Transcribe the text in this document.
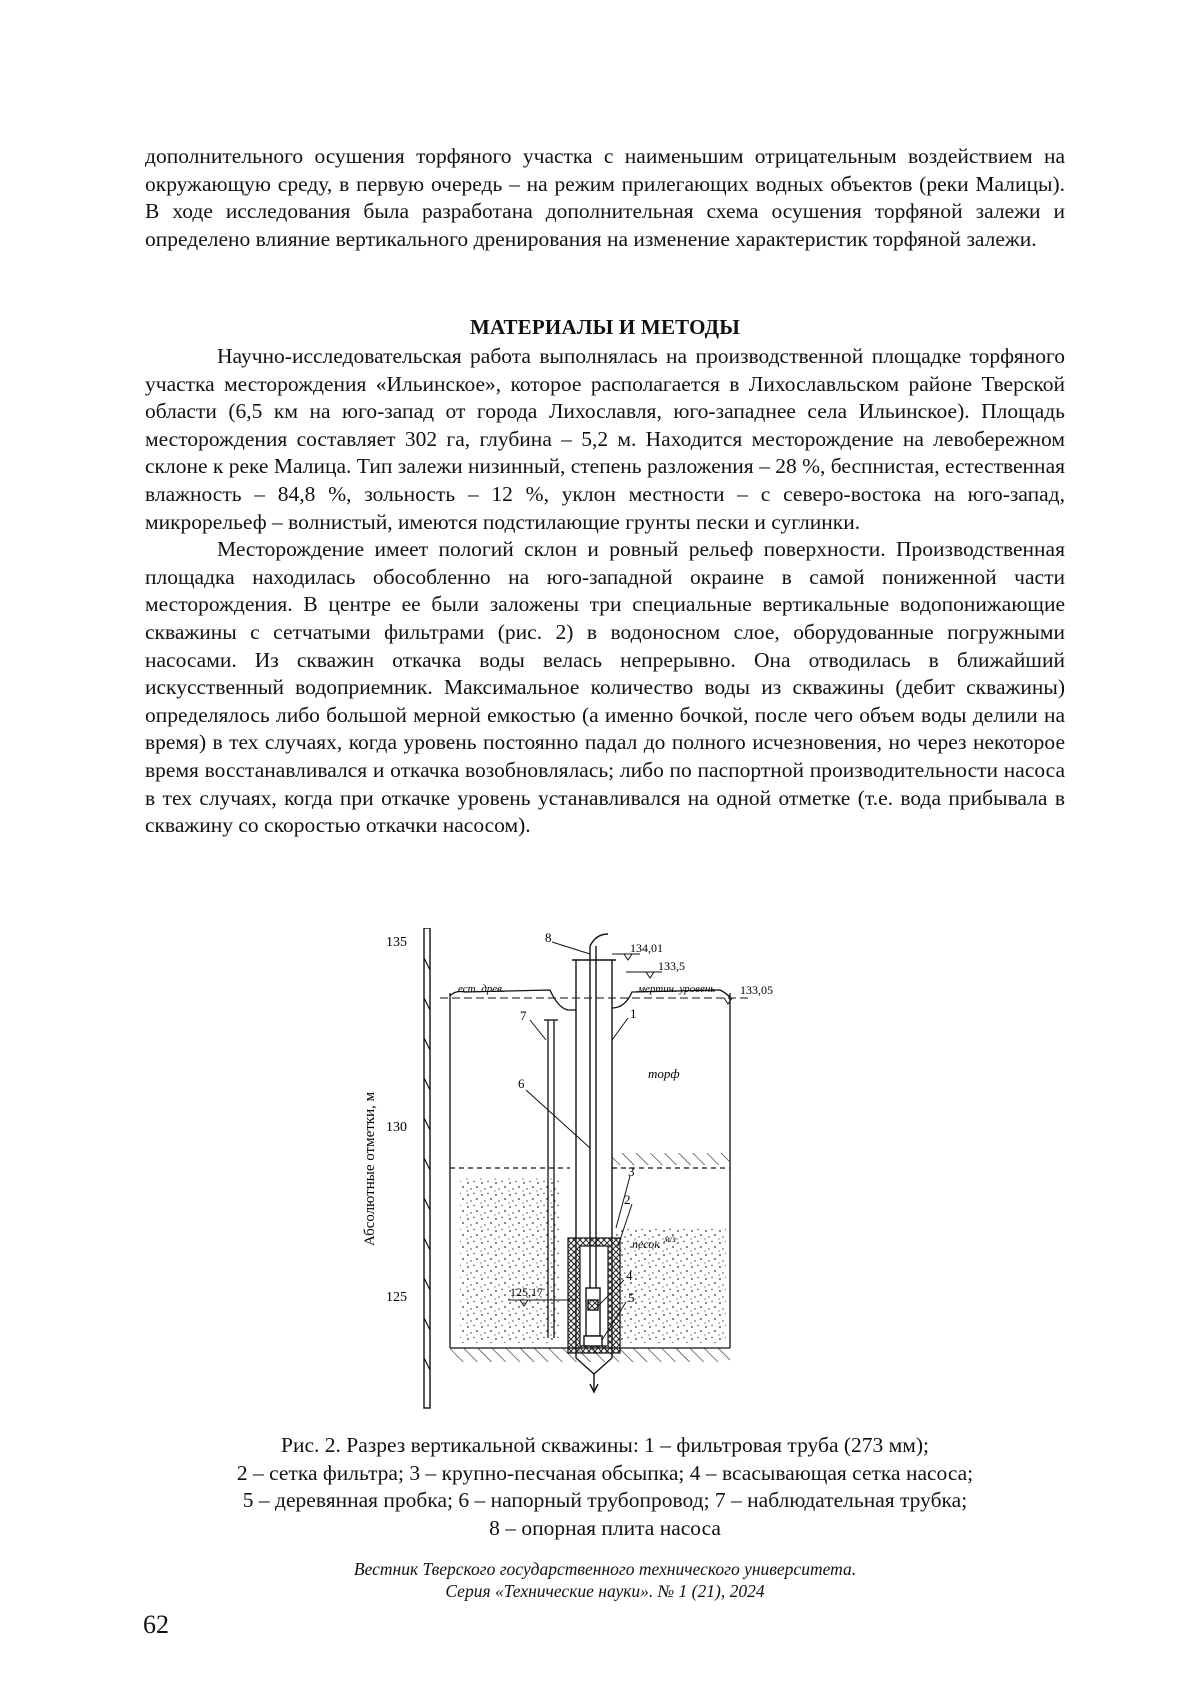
дополнительного осушения торфяного участка с наименьшим отрицательным воздействием на окружающую среду, в первую очередь – на режим прилегающих водных объектов (реки Малицы). В ходе исследования была разработана дополнительная схема осушения торфяной залежи и определено влияние вертикального дренирования на изменение характеристик торфяной залежи.

МАТЕРИАЛЫ И МЕТОДЫ

Научно-исследовательская работа выполнялась на производственной площадке торфяного участка месторождения «Ильинское», которое располагается в Лихославльском районе Тверской области (6,5 км на юго-запад от города Лихославля, юго-западнее села Ильинское). Площадь месторождения составляет 302 га, глубина – 5,2 м. Находится месторождение на левобережном склоне к реке Малица. Тип залежи низинный, степень разложения – 28 %, беспнистая, естественная влажность – 84,8 %, зольность – 12 %, уклон местности – с северо-востока на юго-запад, микрорельеф – волнистый, имеются подстилающие грунты пески и суглинки.

Месторождение имеет пологий склон и ровный рельеф поверхности. Производственная площадка находилась обособленно на юго-западной окраине в самой пониженной части месторождения. В центре ее были заложены три специальные вертикальные водопонижающие скважины с сетчатыми фильтрами (рис. 2) в водоносном слое, оборудованные погружными насосами. Из скважин откачка воды велась непрерывно. Она отводилась в ближайший искусственный водоприемник. Максимальное количество воды из скважины (дебит скважины) определялось либо большой мерной емкостью (а именно бочкой, после чего объем воды делили на время) в тех случаях, когда уровень постоянно падал до полного исчезновения, но через некоторое время восстанавливался и откачка возобновлялась; либо по паспортной производительности насоса в тех случаях, когда при откачке уровень устанавливался на одной отметке (т.е. вода прибывала в скважину со скоростью откачки насосом).

135
130
125
Абсолютные отметки, м
ест. древ.	мертич. уровень
торф
песок м/з
134,01
133,5
133,05
125,17
1
2
3
4
5
6
7
8
Рис. 2. Разрез вертикальной скважины: 1 – фильтровая труба (273 мм);
2 – сетка фильтра; 3 – крупно-песчаная обсыпка; 4 – всасывающая сетка насоса;
5 – деревянная пробка; 6 – напорный трубопровод; 7 – наблюдательная трубка;
8 – опорная плита насоса
Вестник Тверского государственного технического университета.
Серия «Технические науки». № 1 (21), 2024
62
